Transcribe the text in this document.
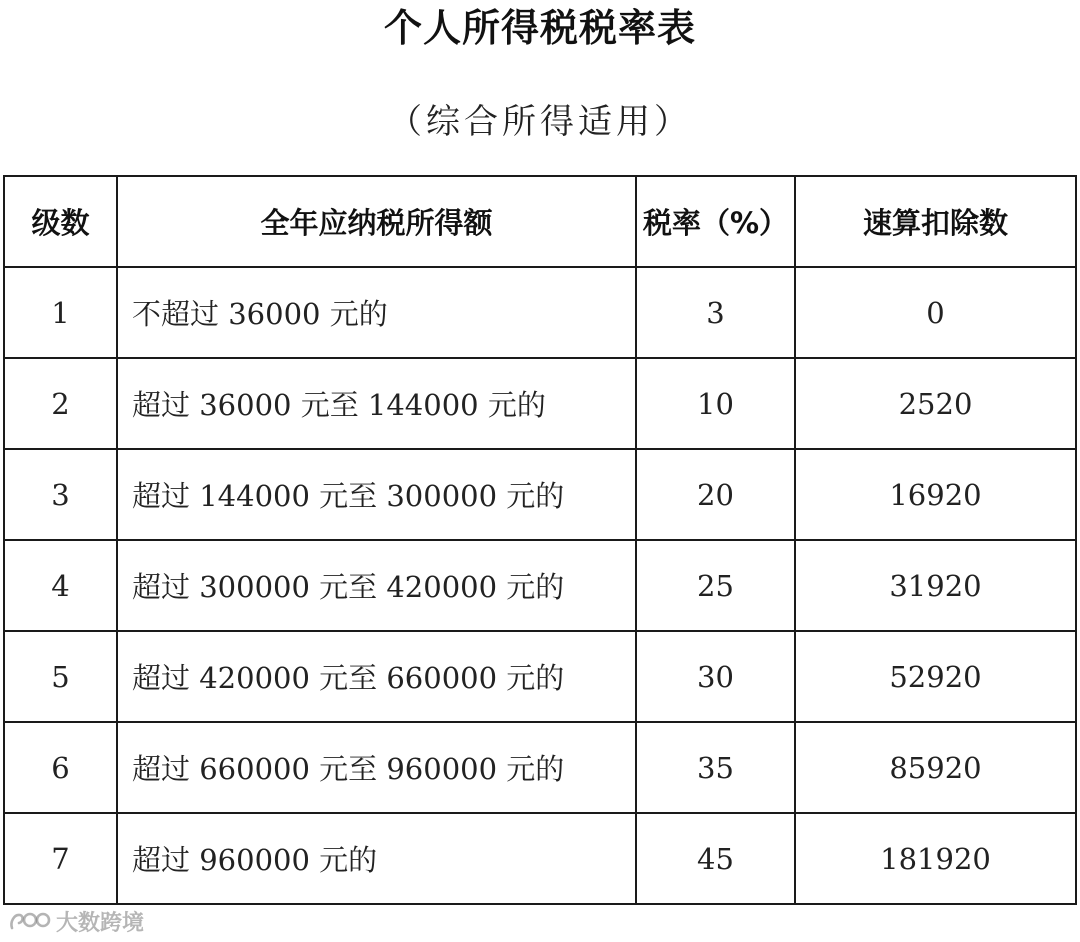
个人所得税税率表
（综合所得适用）
级数	全年应纳税所得额	税率（%）	速算扣除数
1	不超过 36000 元的	3	0
2	超过 36000 元至 144000 元的	10	2520
3	超过 144000 元至 300000 元的	20	16920
4	超过 300000 元至 420000 元的	25	31920
5	超过 420000 元至 660000 元的	30	52920
6	超过 660000 元至 960000 元的	35	85920
7	超过 960000 元的	45	181920
大数跨境
